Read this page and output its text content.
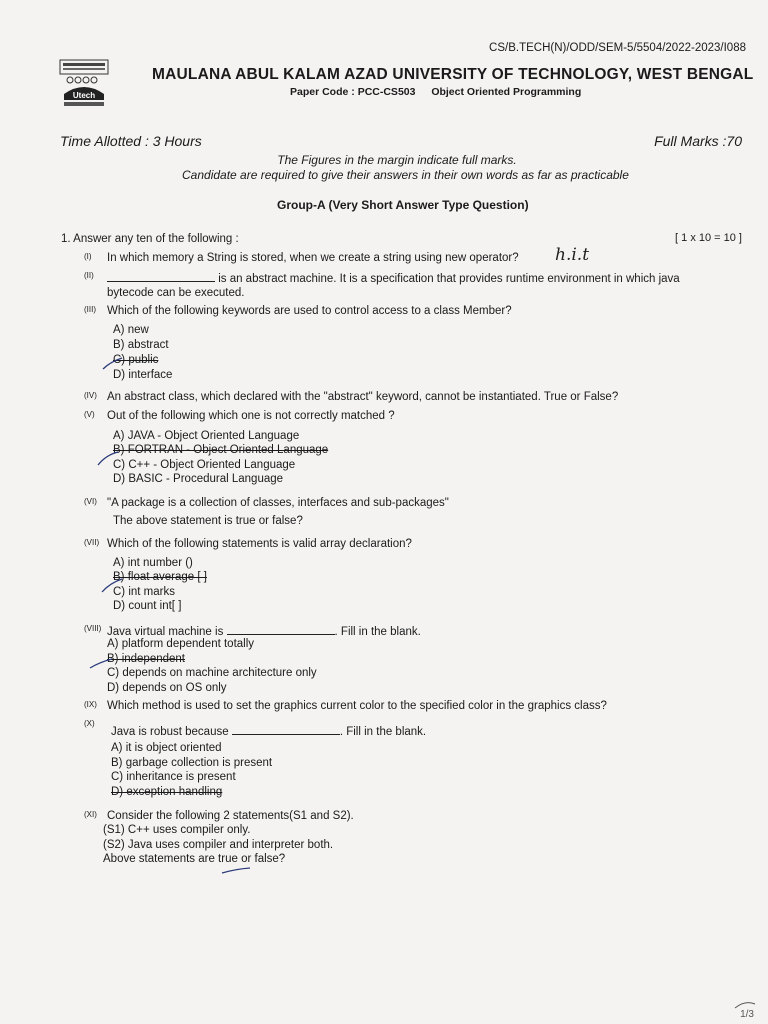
CS/B.TECH(N)/ODD/SEM-5/5504/2022-2023/I088
Utech
MAULANA ABUL KALAM AZAD UNIVERSITY OF TECHNOLOGY, WEST BENGAL
Paper Code : PCC-CS503 Object Oriented Programming
Time Allotted : 3 Hours	Full Marks :70
The Figures in the margin indicate full marks.
Candidate are required to give their answers in their own words as far as practicable
Group-A (Very Short Answer Type Question)
1. Answer any ten of the following :	[ 1 x 10 = 10 ]
(I) In which memory a String is stored, when we create a string using new operator? h.i.t
(II)	is an abstract machine. It is a specification that provides runtime environment in which java
bytecode can be executed.
(III) Which of the following keywords are used to control access to a class Member?
A) new
B) abstract
C) public
D) interface
(IV) An abstract class, which declared with the "abstract" keyword, cannot be instantiated. True or False?
(V) Out of the following which one is not correctly matched ?
A) JAVA - Object Oriented Language
B) FORTRAN - Object Oriented Language
C) C++ - Object Oriented Language
D) BASIC - Procedural Language
(VI) "A package is a collection of classes, interfaces and sub-packages"
The above statement is true or false?
(VII) Which of the following statements is valid array declaration?
A) int number ()
B) float average [ ]
C) int marks
D) count int[ ]
(VIII) Java virtual machine is	. Fill in the blank.
A) platform dependent totally
B) independent
C) depends on machine architecture only
D) depends on OS only
(IX) Which method is used to set the graphics current color to the specified color in the graphics class?
(X)
Java is robust because	. Fill in the blank.
A) it is object oriented
B) garbage collection is present
C) inheritance is present
D) exception handling
(XI) Consider the following 2 statements(S1 and S2).
(S1) C++ uses compiler only.
(S2) Java uses compiler and interpreter both.
Above statements are true or false?
1/3
